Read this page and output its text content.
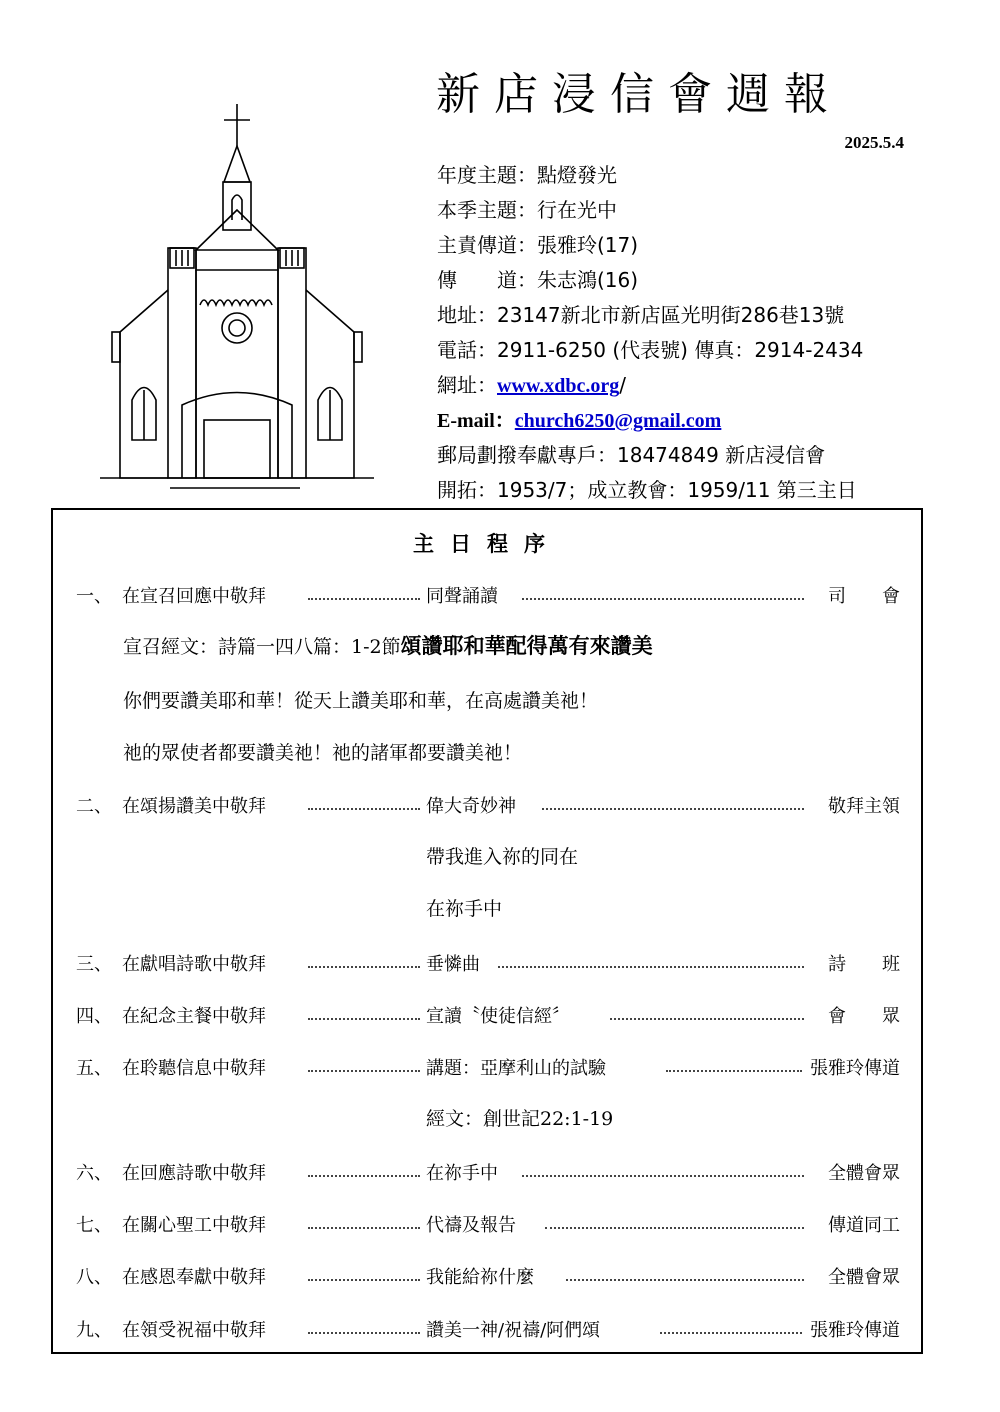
新店浸信會週報
2025.5.4
年度主題：點燈發光
本季主題：行在光中
主責傳道：張雅玲(17)
傳　　道：朱志鴻(16)
地址：23147新北市新店區光明街286巷13號
電話：2911-6250 (代表號) 傳真：2914-2434
網址：www.xdbc.org/
E-mail：church6250@gmail.com
郵局劃撥奉獻專戶：18474849 新店浸信會
開拓：1953/7；成立教會：1959/11 第三主日
主日程序
一、 在宣召回應中敬拜	同聲誦讀	司　　會
二、 在頌揚讚美中敬拜	偉大奇妙神	敬拜主領
三、 在獻唱詩歌中敬拜	垂憐曲	詩　　班
四、 在紀念主餐中敬拜	宣讀〝使徒信經〞	會　　眾
五、 在聆聽信息中敬拜	講題：亞摩利山的試驗	張雅玲傳道
六、 在回應詩歌中敬拜	在祢手中	全體會眾
七、 在關心聖工中敬拜	代禱及報告	傳道同工
八、 在感恩奉獻中敬拜	我能給祢什麼	全體會眾
九、 在領受祝福中敬拜	讚美一神/祝禱/阿們頌	張雅玲傳道
宣召經文：詩篇一四八篇：1-2節頌讚耶和華配得萬有來讚美
你們要讚美耶和華！從天上讚美耶和華，在高處讚美祂！
祂的眾使者都要讚美祂！祂的諸軍都要讚美祂！
帶我進入祢的同在
在祢手中
經文：創世記22:1-19
